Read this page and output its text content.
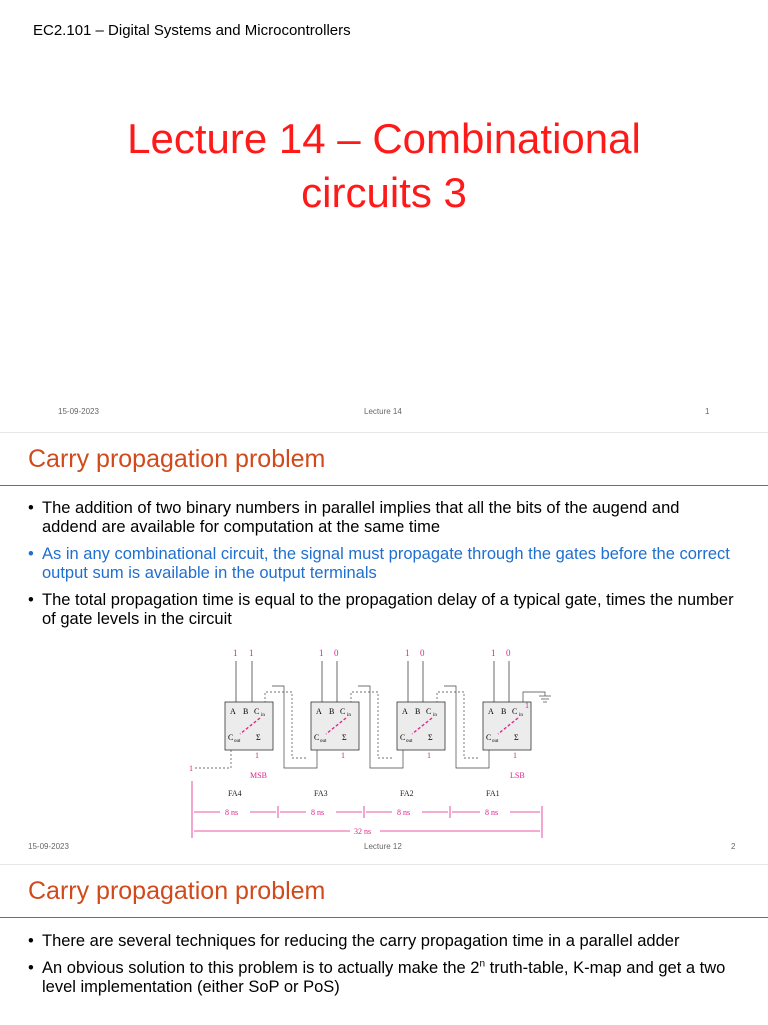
EC2.101 – Digital Systems and Microcontrollers
Lecture 14 – Combinational
circuits 3
15-09-2023	Lecture 14	1
Carry propagation problem
• The addition of two binary numbers in parallel implies that all the bits of the augend and addend are available for computation at the same time
• As in any combinational circuit, the signal must propagate through the gates before the correct output sum is available in the output terminals
• The total propagation time is equal to the propagation delay of a typical gate, times the number of gate levels in the circuit
1 1	1 0	1 0	1 0
A B C in
C out Σ
A B C in
C out Σ
A B C in
C out Σ
A B C in
C out Σ
1
1
1	1	1	1
MSB	LSB
FA4	FA3	FA2	FA1
8 ns	8 ns	8 ns	8 ns
32 ns
15-09-2023	Lecture 12	2
Carry propagation problem
• There are several techniques for reducing the carry propagation time in a parallel adder
• An obvious solution to this problem is to actually make the 2$^n$ truth-table, K-map and get a two level implementation (either SoP or PoS)
